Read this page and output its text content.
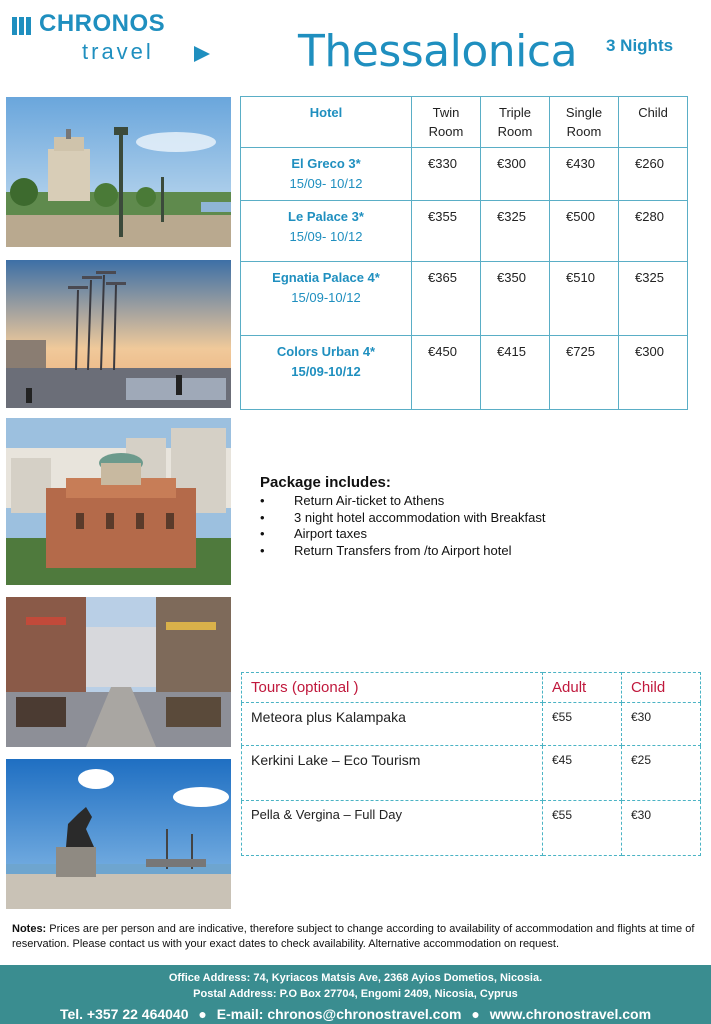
CHRONOS
travel	Thessalonica 3 Nights
Hotel	Twin Room	Triple Room	Single Room	Child

El Greco 3*
15/09- 10/12	€330	€300	€430	€260

Le Palace 3*
15/09- 10/12	€355	€325	€500	€280

Egnatia Palace 4*
15/09-10/12	€365	€350	€510	€325

Colors Urban 4*
15/09-10/12	€450	€415	€725	€300
Package includes:
• Return Air-ticket to Athens
• 3 night hotel accommodation with Breakfast
• Airport taxes
• Return Transfers from /to Airport hotel
Tours (optional )	Adult	Child
Meteora plus Kalampaka	€55	€30
Kerkini Lake – Eco Tourism	€45	€25
Pella & Vergina – Full Day	€55	€30
Notes: Prices are per person and are indicative, therefore subject to change according to availability of accommodation and flights at time of reservation. Please contact us with your exact dates to check availability. Alternative accommodation on request.
Office Address: 74, Kyriacos Matsis Ave, 2368 Ayios Dometios, Nicosia.
Postal Address: P.O Box 27704, Engomi 2409, Nicosia, Cyprus
Tel. +357 22 464040 ● E-mail: chronos@chronostravel.com ● www.chronostravel.com
